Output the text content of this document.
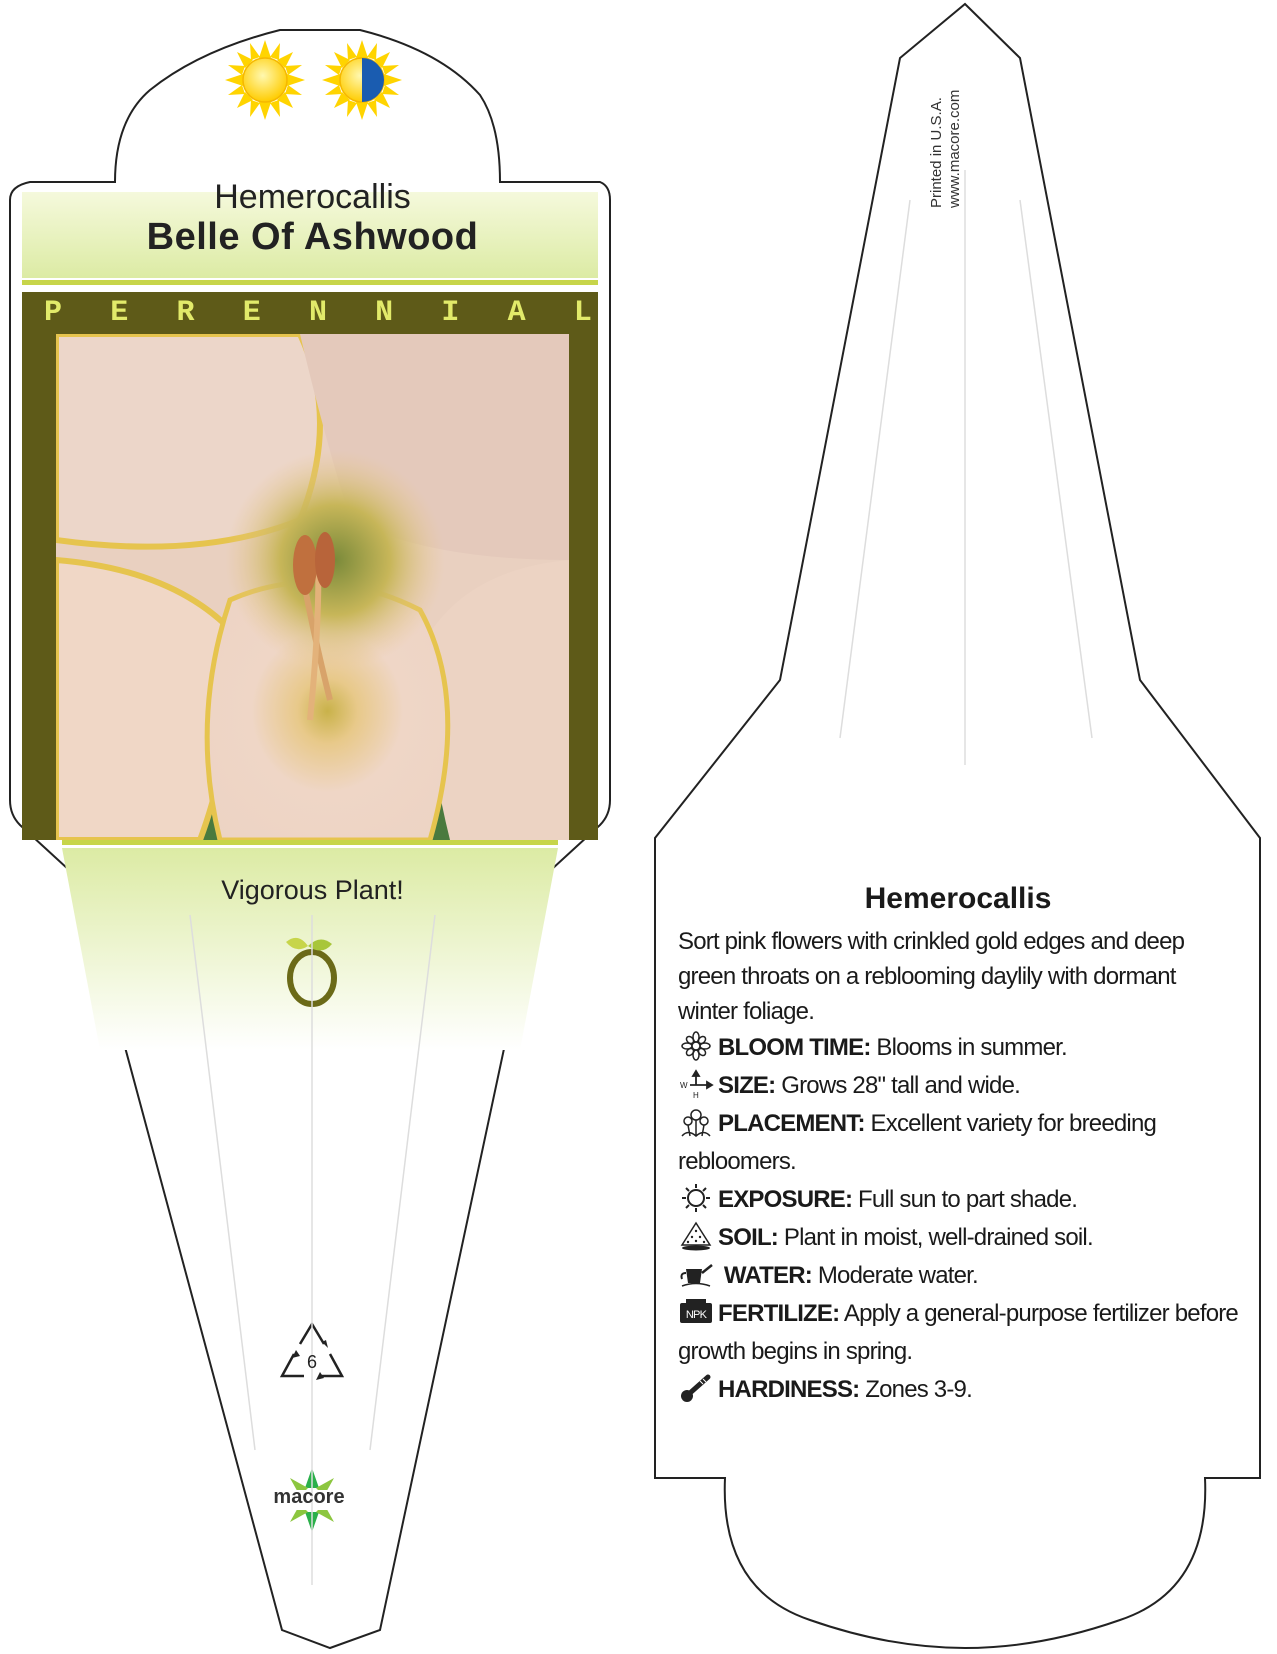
Hemerocallis
Belle Of Ashwood
P E R E N N I A L
Vigorous Plant!
6
macore
Printed in U.S.A. www.macore.com
Hemerocallis
Sort pink flowers with crinkled gold edges and deep green throats on a reblooming daylily with dormant winter foliage.
BLOOM TIME: Blooms in summer.
W
H SIZE: Grows 28" tall and wide.
PLACEMENT: Excellent variety for breeding rebloomers.
EXPOSURE: Full sun to part shade.
SOIL: Plant in moist, well-drained soil.
WATER: Moderate water.
NPK FERTILIZE: Apply a general-purpose fertilizer before growth begins in spring.
HARDINESS: Zones 3-9.
